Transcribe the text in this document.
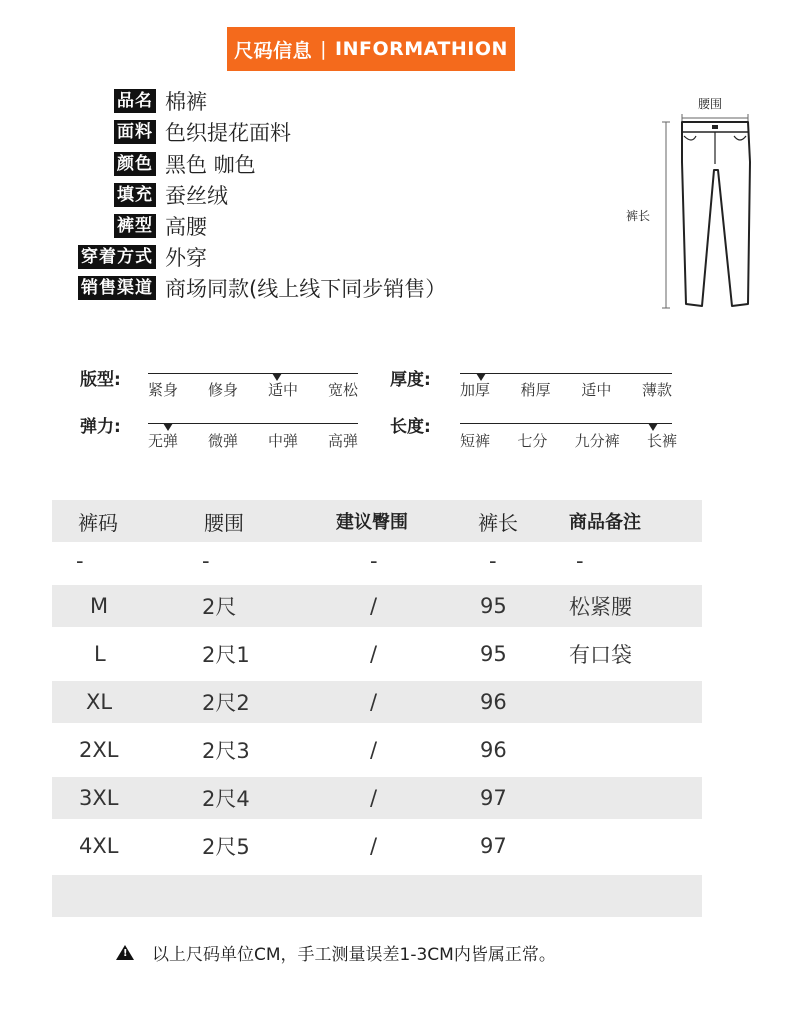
尺码信息 | INFORMATHION
品名 棉裤
面料 色织提花面料
颜色 黑色 咖色
填充 蚕丝绒
裤型 高腰
穿着方式 外穿
销售渠道 商场同款(线上线下同步销售）
腰围
裤长
版型: 紧身 修身 适中 宽松 厚度: 加厚 稍厚 适中 薄款
弹力:
无弹 微弹 中弹 高弹
长度:
短裤 七分 九分裤 长裤
裤码	腰围	建议臀围	裤长	商品备注
-	-	-	-	-
M	2尺	/	95	松紧腰
L	2尺1	/	95	有口袋
XL	2尺2	/	96
2XL	2尺3	/	96
3XL	2尺4	/	97
4XL	2尺5	/	97
!
以上尺码单位CM，手工测量误差1-3CM内皆属正常。
